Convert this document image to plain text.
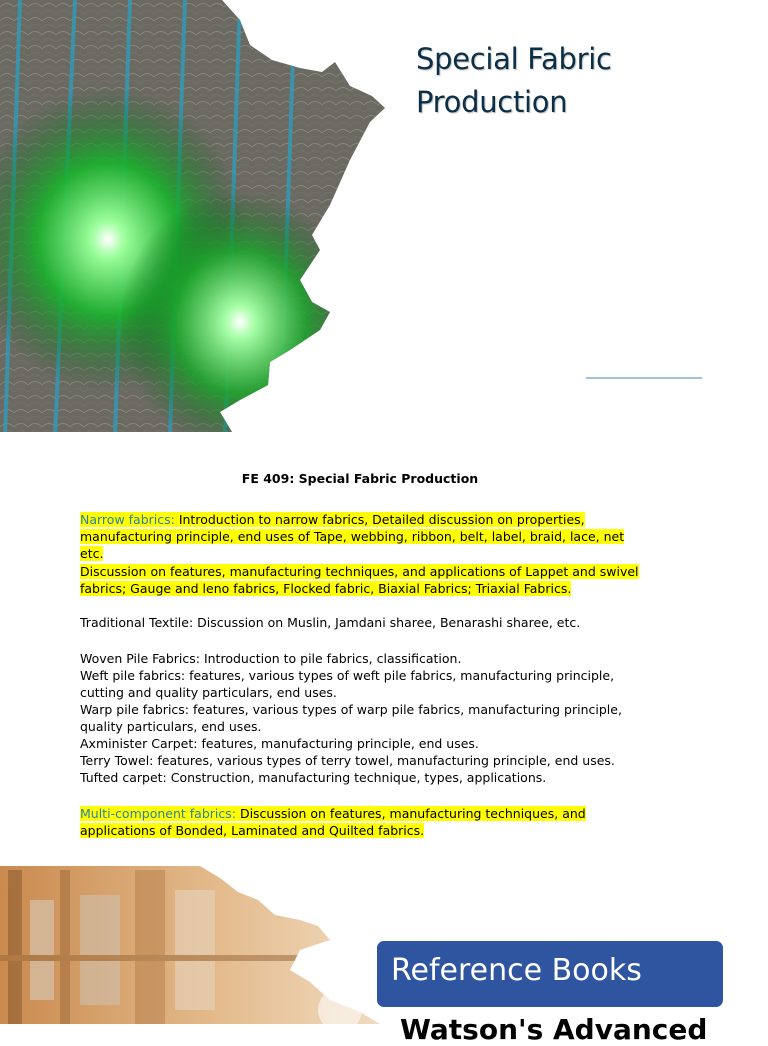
Special Fabric
Production
FE 409: Special Fabric Production

Narrow fabrics: Introduction to narrow fabrics, Detailed discussion on properties, manufacturing principle, end uses of Tape, webbing, ribbon, belt, label, braid, lace, net etc.

Discussion on features, manufacturing techniques, and applications of Lappet and swivel fabrics; Gauge and leno fabrics, Flocked fabric, Biaxial Fabrics; Triaxial Fabrics.

Traditional Textile: Discussion on Muslin, Jamdani sharee, Benarashi sharee, etc.

Woven Pile Fabrics: Introduction to pile fabrics, classification.
Weft pile fabrics: features, various types of weft pile fabrics, manufacturing principle, cutting and quality particulars, end uses.
Warp pile fabrics: features, various types of warp pile fabrics, manufacturing principle, quality particulars, end uses.
Axminister Carpet: features, manufacturing principle, end uses.
Terry Towel: features, various types of terry towel, manufacturing principle, end uses.
Tufted carpet: Construction, manufacturing technique, types, applications.

Multi-component fabrics: Discussion on features, manufacturing techniques, and applications of Bonded, Laminated and Quilted fabrics.

Reference Books
Watson's Advanced
